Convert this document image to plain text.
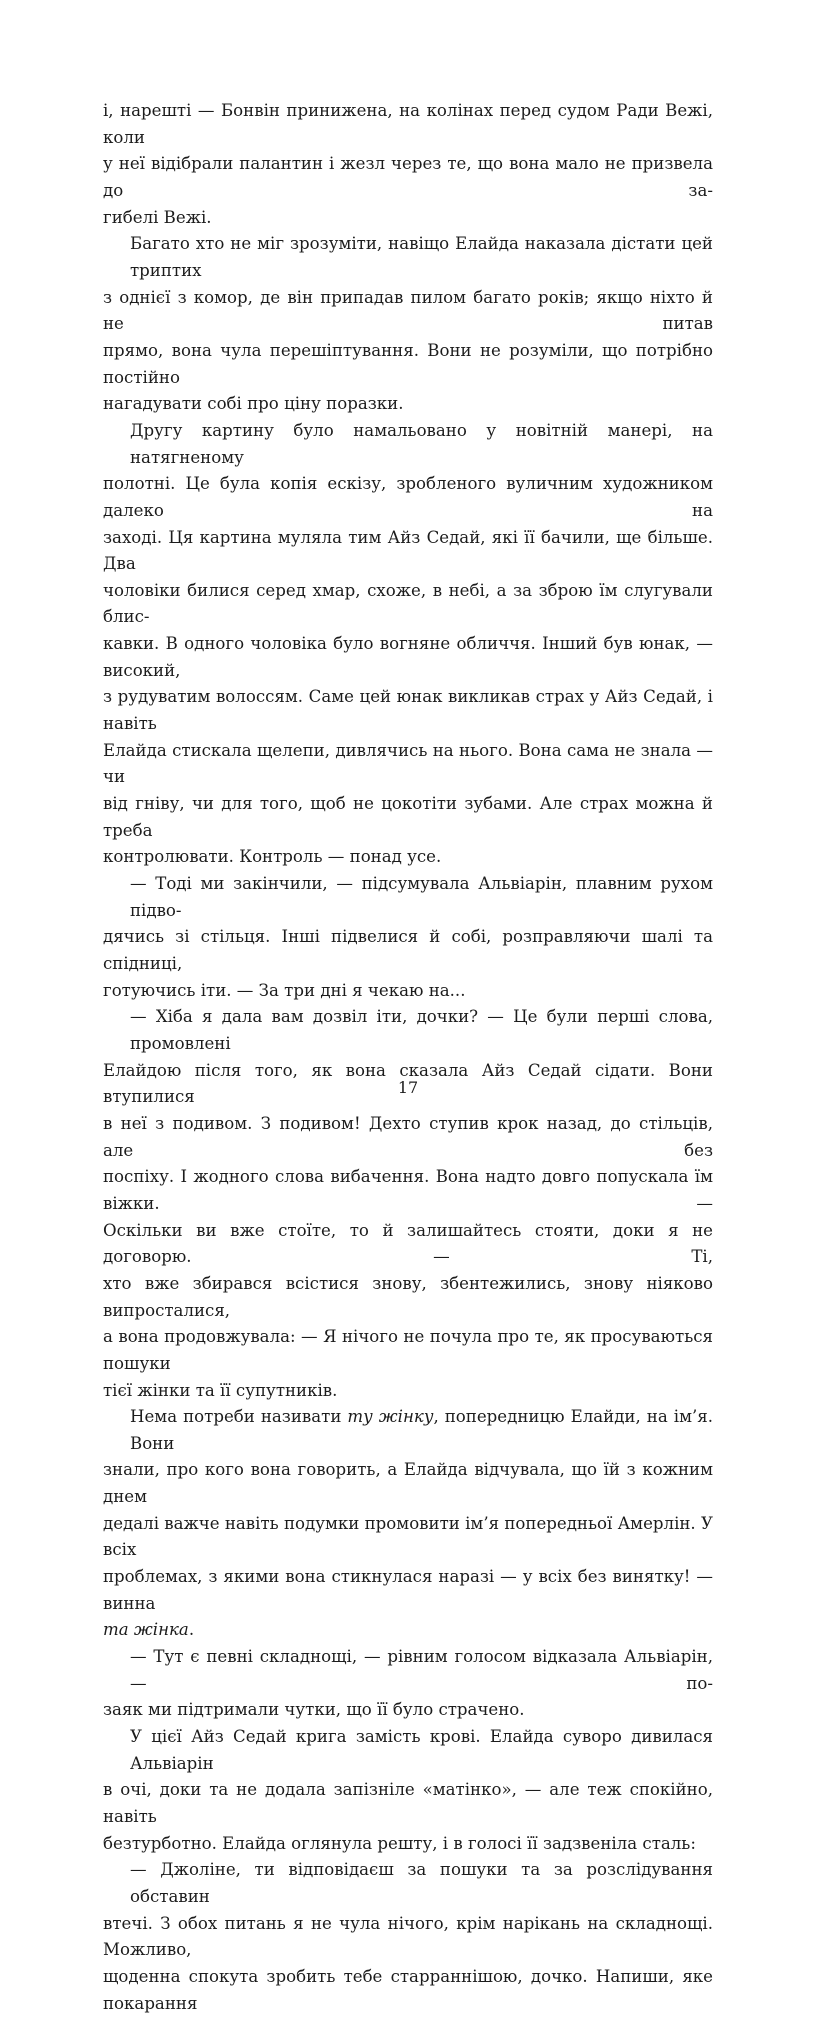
і, нарешті — Бонвін принижена, на колінах перед судом Ради Вежі, коли
у неї відібрали палантин і жезл через те, що вона мало не призвела до за-
гибелі Вежі.
Багато хто не міг зрозуміти, навіщо Елайда наказала дістати цей триптих
з однієї з комор, де він припадав пилом багато років; якщо ніхто й не питав
прямо, вона чула перешіптування. Вони не розуміли, що потрібно постійно
нагадувати собі про ціну поразки.
Другу картину було намальовано у новітній манері, на натягненому
полотні. Це була копія ескізу, зробленого вуличним художником далеко на
заході. Ця картина муляла тим Айз Седай, які її бачили, ще більше. Два
чоловіки билися серед хмар, схоже, в небі, а за зброю їм слугували блис-
кавки. В одного чоловіка було вогняне обличчя. Інший був юнак, — високий,
з рудуватим волоссям. Саме цей юнак викликав страх у Айз Седай, і навіть
Елайда стискала щелепи, дивлячись на нього. Вона сама не знала — чи
від гніву, чи для того, щоб не цокотіти зубами. Але страх можна й треба
контролювати. Контроль — понад усе.
— Тоді ми закінчили, — підсумувала Альвіарін, плавним рухом підво-
дячись зі стільця. Інші підвелися й собі, розправляючи шалі та спідниці,
готуючись іти. — За три дні я чекаю на...
— Хіба я дала вам дозвіл іти, дочки? — Це були перші слова, промовлені
Елайдою після того, як вона сказала Айз Седай сідати. Вони втупилися
в неї з подивом. З подивом! Дехто ступив крок назад, до стільців, але без
поспіху. І жодного слова вибачення. Вона надто довго попускала їм віжки. —
Оскільки ви вже стоїте, то й залишайтесь стояти, доки я не договорю. — Ті,
хто вже збирався всістися знову, збентежились, знову ніяково випросталися,
а вона продовжувала: — Я нічого не почула про те, як просуваються пошуки
тієї жінки та її супутників.
Нема потреби називати ту жінку, попередницю Елайди, на ім’я. Вони
знали, про кого вона говорить, а Елайда відчувала, що їй з кожним днем
дедалі важче навіть подумки промовити ім’я попередньої Амерлін. У всіх
проблемах, з якими вона стикнулася наразі — у всіх без винятку! — винна
та жінка.
— Тут є певні складнощі, — рівним голосом відказала Альвіарін, — по-
заяк ми підтримали чутки, що її було страчено.
У цієї Айз Седай крига замість крові. Елайда суворо дивилася Альвіарін
в очі, доки та не додала запізніле «матінко», — але теж спокійно, навіть
безтурботно. Елайда оглянула решту, і в голосі її задзвеніла сталь:
— Джоліне, ти відповідаєш за пошуки та за розслідування обставин
втечі. З обох питань я не чула нічого, крім нарікань на складнощі. Можливо,
щоденна спокута зробить тебе старраннішою, дочко. Напиши, яке покарання
17
